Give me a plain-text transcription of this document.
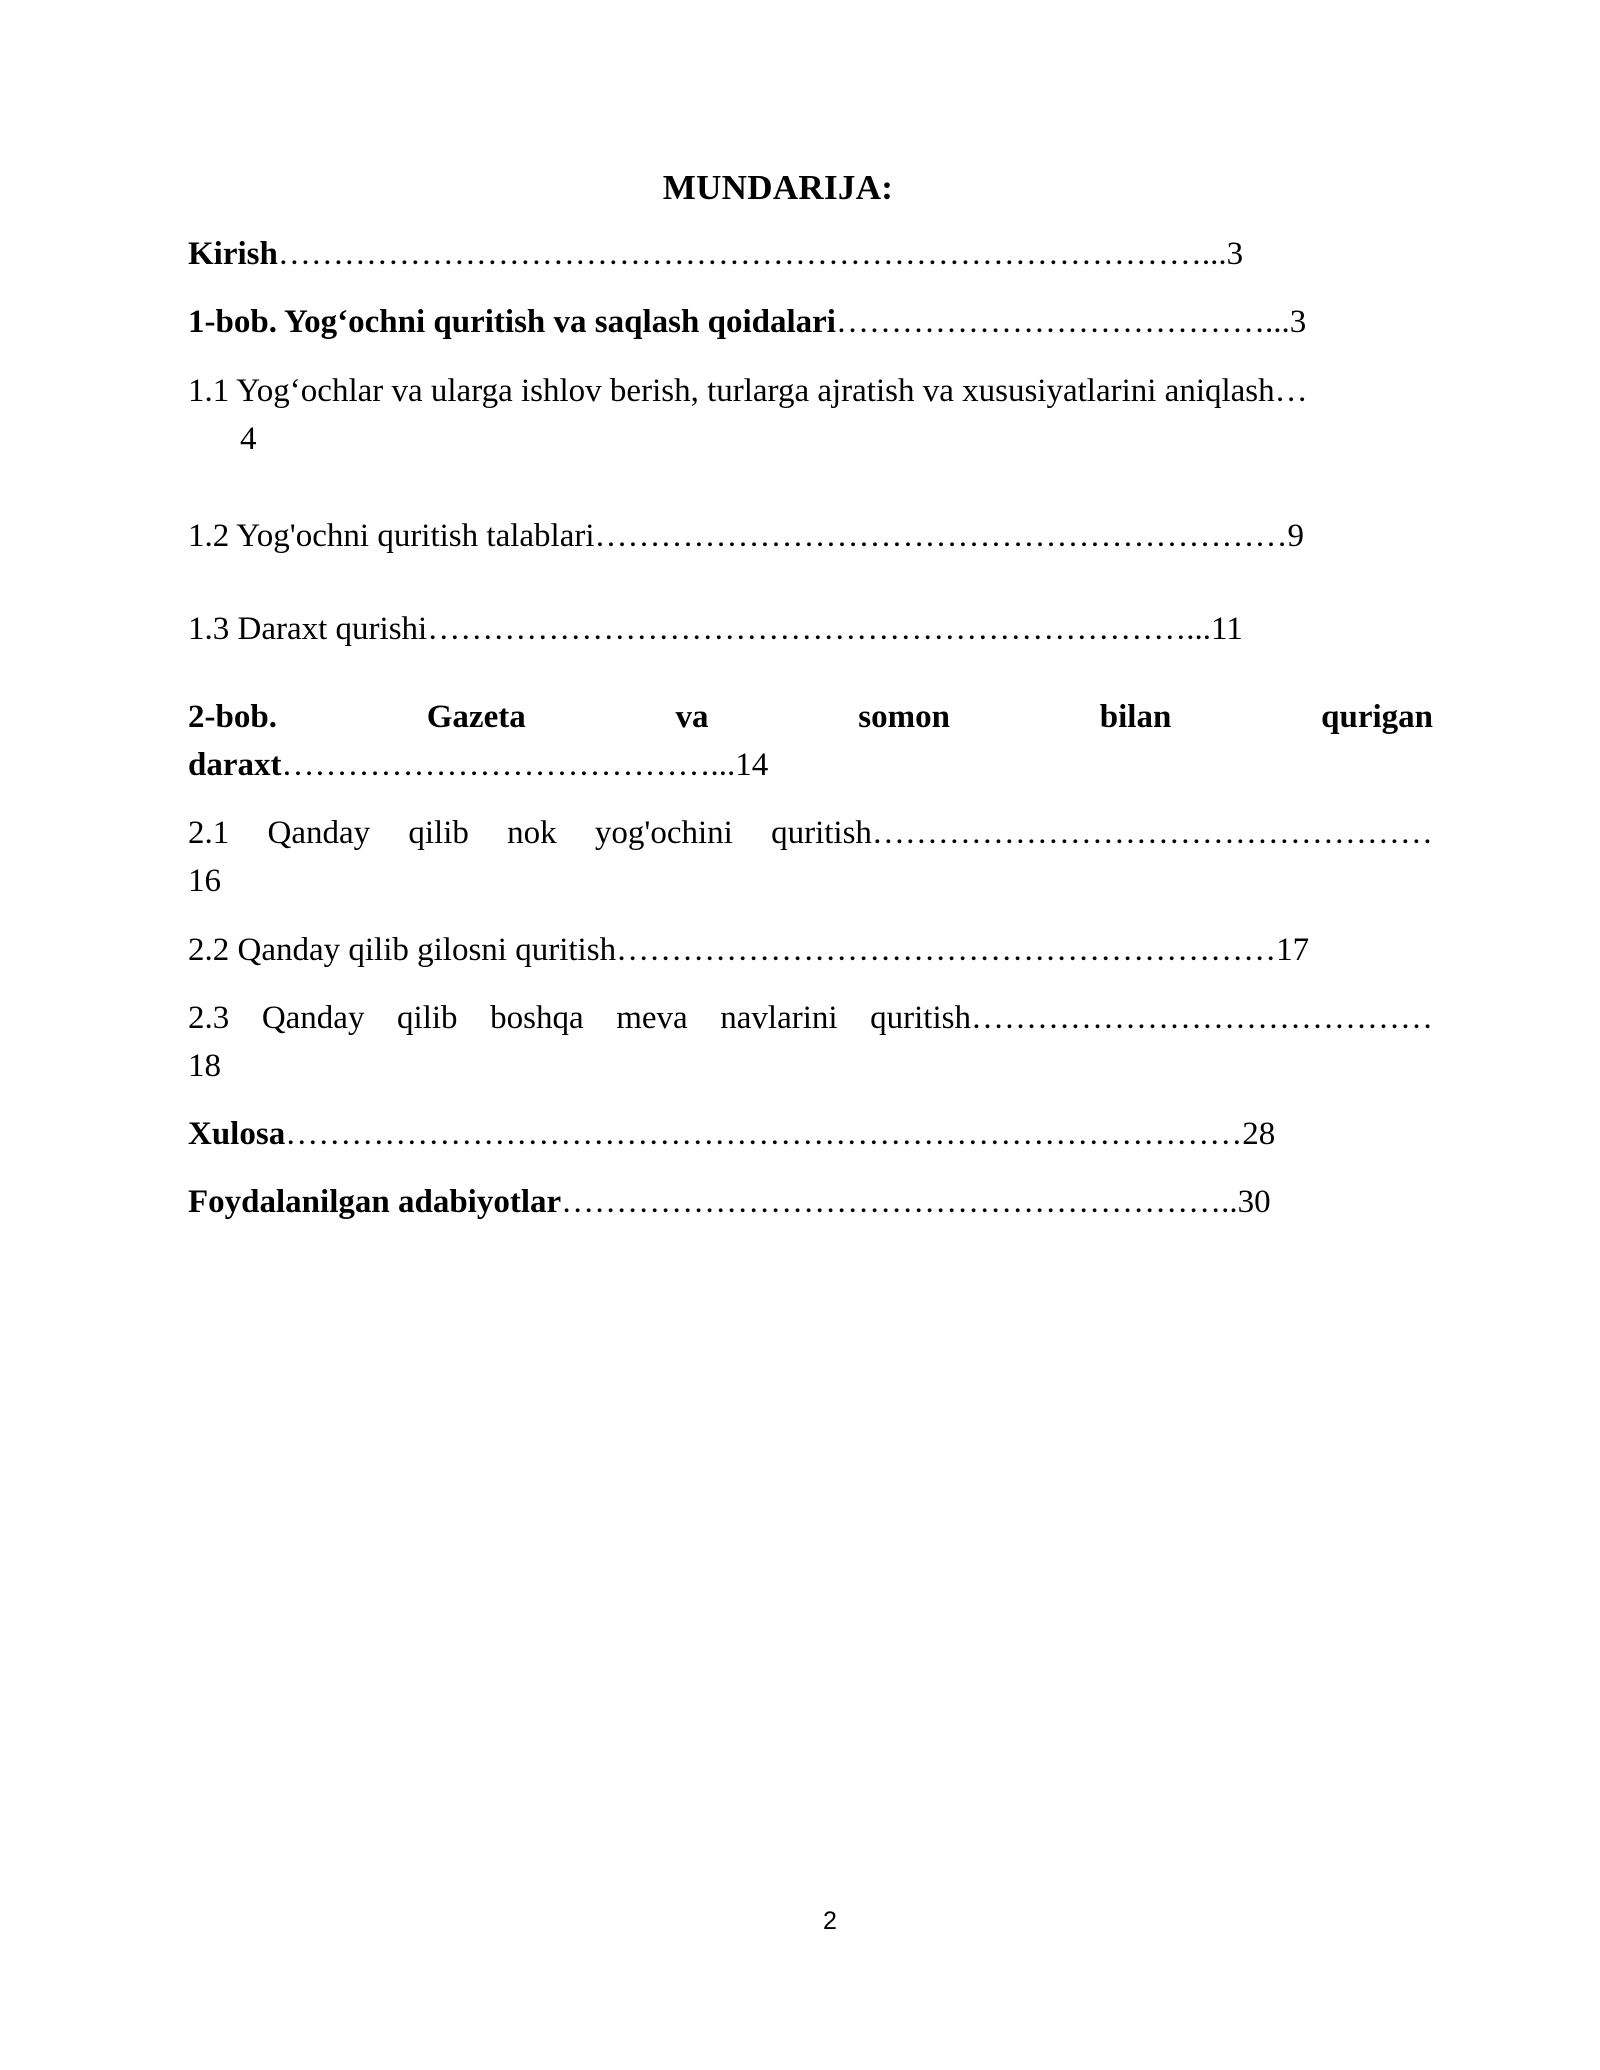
MUNDARIJA:
Kirish…………………………………………………………………………...3
1-bob. Yog‘ochni quritish va saqlash qoidalari…………………………………...3
1.1 Yog‘ochlar va ularga ishlov berish, turlarga ajratish va xususiyatlarini aniqlash…
4
1.2 Yog'ochni quritish talablari………………………………………………………9
1.3 Daraxt qurishi……………………………………………………………...11
2-bob.	Gazeta	va	somon	bilan	qurigan
daraxt…………………………………...14
2.1 Qanday qilib nok yog'ochini quritish……………………………………………
16
2.2 Qanday qilib gilosni quritish……………………………………………………17
2.3 Qanday qilib boshqa meva navlarini quritish……………………………………
18
Xulosa……………………………………………………………………………28
Foydalanilgan adabiyotlar……………………………………………………..30
2
